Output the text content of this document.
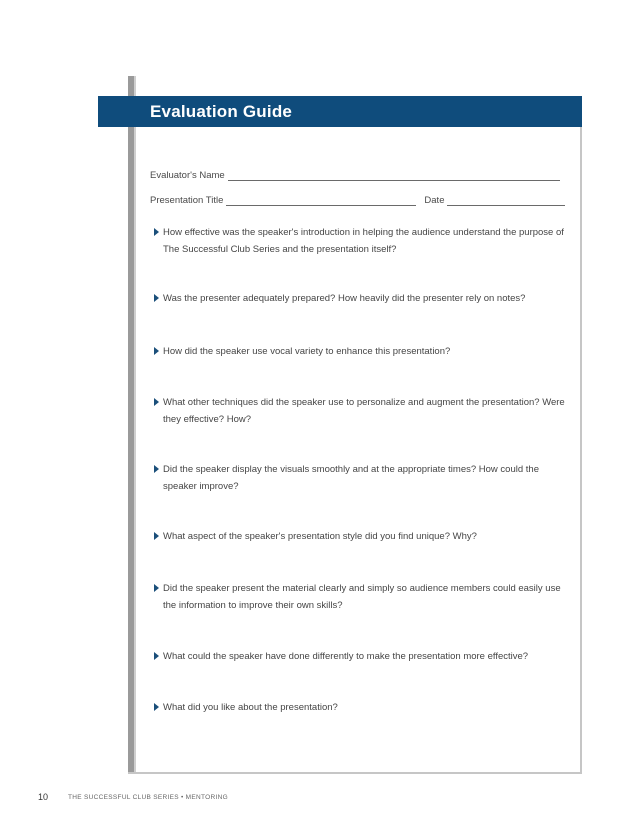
Evaluation Guide
Evaluator's Name
Presentation Title	Date
How effective was the speaker's introduction in helping the audience understand the purpose of The Successful Club Series and the presentation itself?
Was the presenter adequately prepared? How heavily did the presenter rely on notes?
How did the speaker use vocal variety to enhance this presentation?
What other techniques did the speaker use to personalize and augment the presentation? Were they effective? How?
Did the speaker display the visuals smoothly and at the appropriate times? How could the speaker improve?
What aspect of the speaker's presentation style did you find unique? Why?
Did the speaker present the material clearly and simply so audience members could easily use the information to improve their own skills?
What could the speaker have done differently to make the presentation more effective?
What did you like about the presentation?
10	THE SUCCESSFUL CLUB SERIES • MENTORING
